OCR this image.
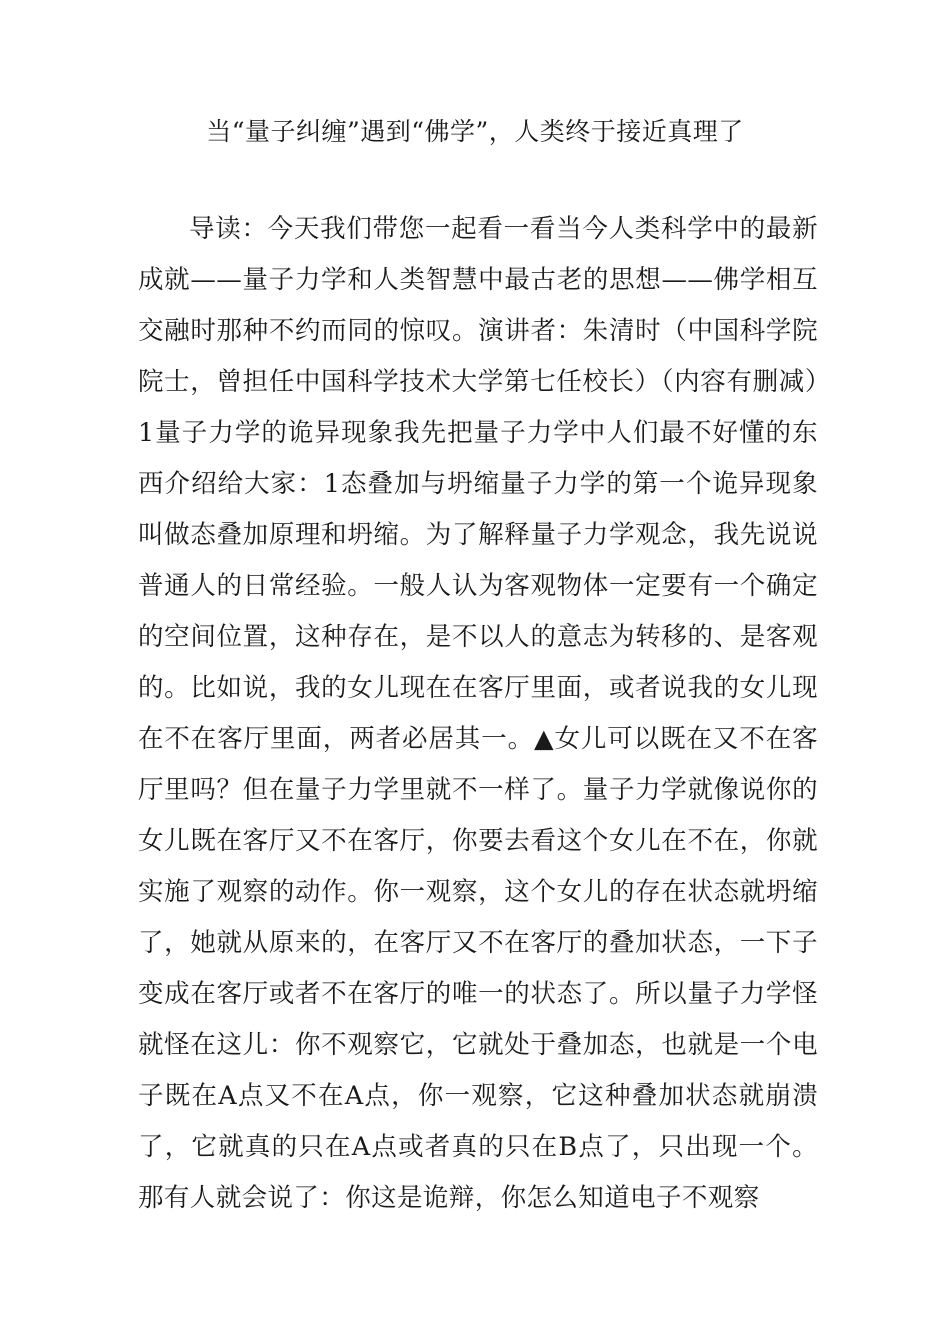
当“量子纠缠”遇到“佛学”，人类终于接近真理了

导读：今天我们带您一起看一看当今人类科学中的最新成就——量子力学和人类智慧中最古老的思想——佛学相互交融时那种不约而同的惊叹。演讲者：朱清时（中国科学院院士，曾担任中国科学技术大学第七任校长）（内容有删减）1量子力学的诡异现象我先把量子力学中人们最不好懂的东西介绍给大家：1态叠加与坍缩量子力学的第一个诡异现象叫做态叠加原理和坍缩。为了解释量子力学观念，我先说说普通人的日常经验。一般人认为客观物体一定要有一个确定的空间位置，这种存在，是不以人的意志为转移的、是客观的。比如说，我的女儿现在在客厅里面，或者说我的女儿现在不在客厅里面，两者必居其一。▲女儿可以既在又不在客厅里吗？但在量子力学里就不一样了。量子力学就像说你的女儿既在客厅又不在客厅，你要去看这个女儿在不在，你就实施了观察的动作。你一观察，这个女儿的存在状态就坍缩了，她就从原来的，在客厅又不在客厅的叠加状态，一下子变成在客厅或者不在客厅的唯一的状态了。所以量子力学怪就怪在这儿：你不观察它，它就处于叠加态，也就是一个电子既在A点又不在A点，你一观察，它这种叠加状态就崩溃了，它就真的只在A点或者真的只在B点了，只出现一个。那有人就会说了：你这是诡辩，你怎么知道电子不观察
